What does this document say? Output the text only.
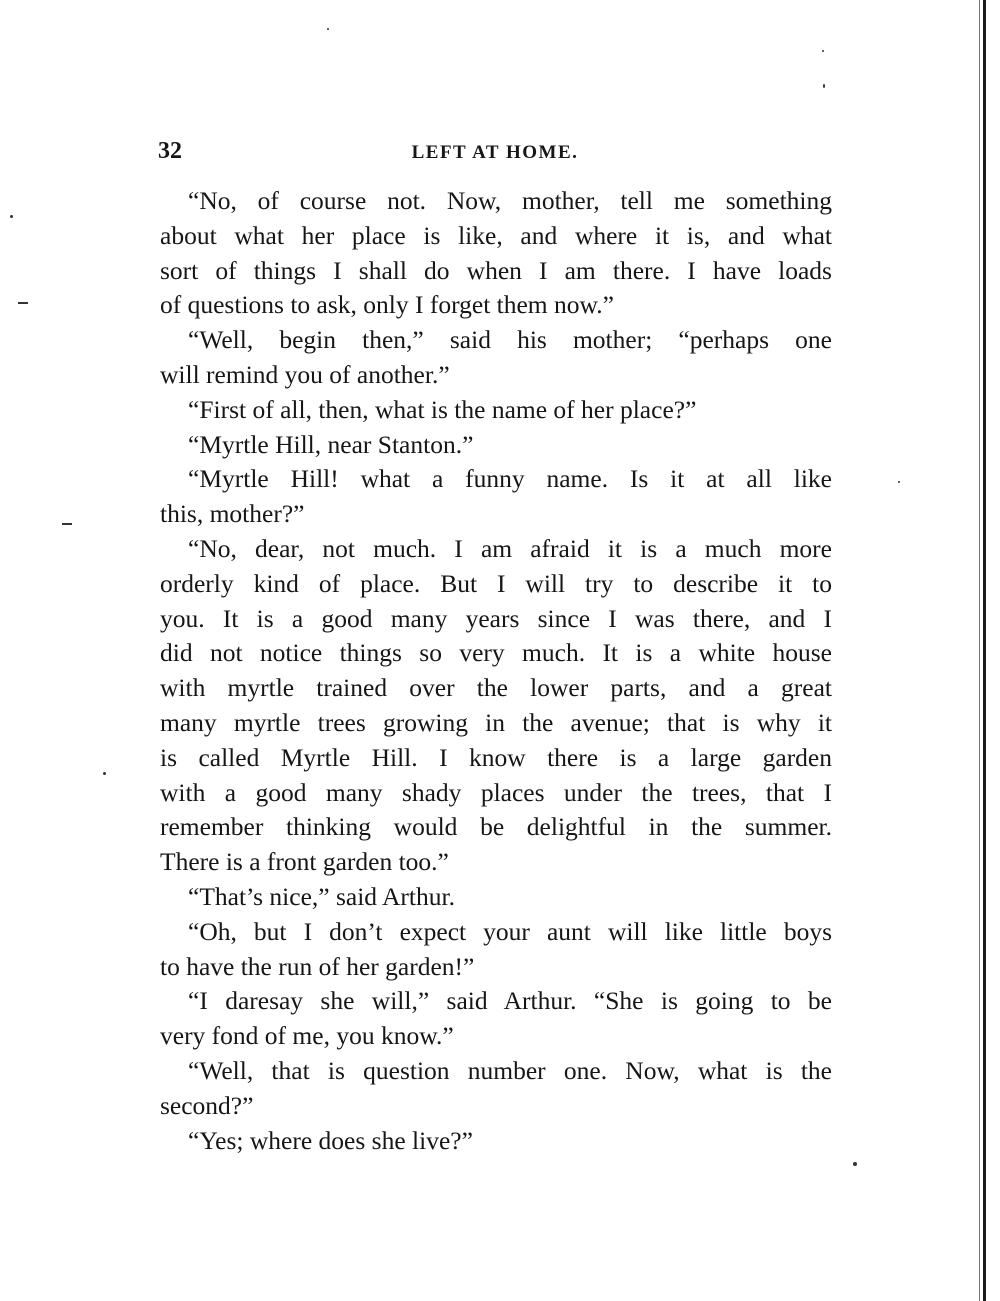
32	LEFT AT HOME.
“No, of course not. Now, mother, tell me something
about what her place is like, and where it is, and what
sort of things I shall do when I am there. I have loads
of questions to ask, only I forget them now.”
“Well, begin then,” said his mother; “perhaps one
will remind you of another.”
“First of all, then, what is the name of her place?”
“Myrtle Hill, near Stanton.”
“Myrtle Hill! what a funny name. Is it at all like
this, mother?”
“No, dear, not much. I am afraid it is a much more
orderly kind of place. But I will try to describe it to
you. It is a good many years since I was there, and I
did not notice things so very much. It is a white house
with myrtle trained over the lower parts, and a great
many myrtle trees growing in the avenue; that is why it
is called Myrtle Hill. I know there is a large garden
with a good many shady places under the trees, that I
remember thinking would be delightful in the summer.
There is a front garden too.”
“That’s nice,” said Arthur.
“Oh, but I don’t expect your aunt will like little boys
to have the run of her garden!”
“I daresay she will,” said Arthur. “She is going to be
very fond of me, you know.”
“Well, that is question number one. Now, what is the
second?”
“Yes; where does she live?”
